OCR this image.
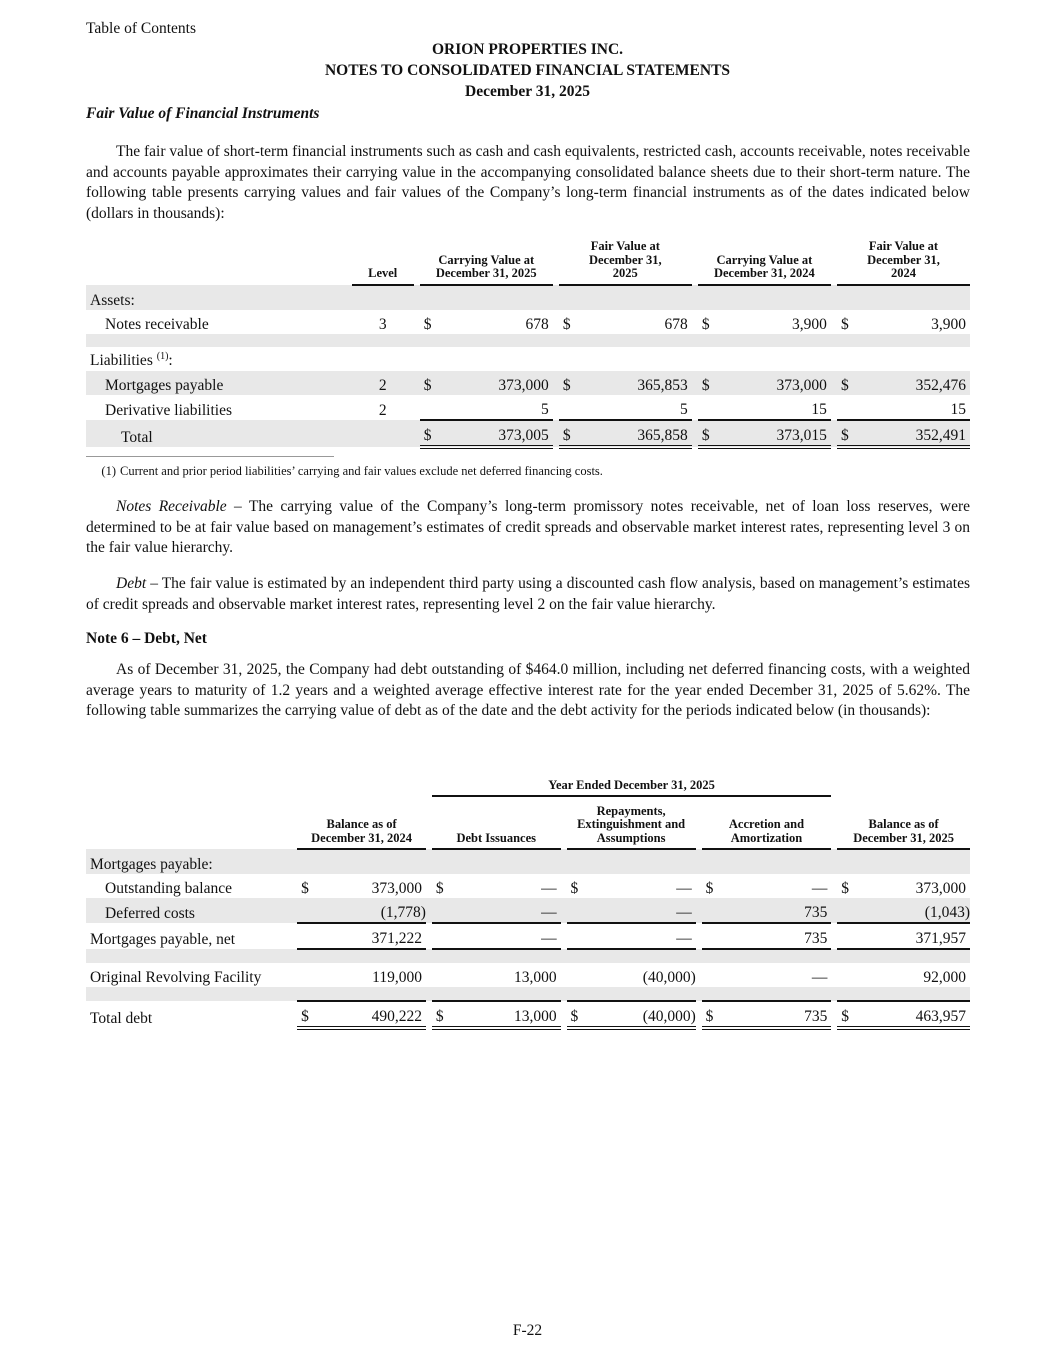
Table of Contents
ORION PROPERTIES INC.
NOTES TO CONSOLIDATED FINANCIAL STATEMENTS
December 31, 2025
Fair Value of Financial Instruments
The fair value of short-term financial instruments such as cash and cash equivalents, restricted cash, accounts receivable, notes receivable and accounts payable approximates their carrying value in the accompanying consolidated balance sheets due to their short-term nature. The following table presents carrying values and fair values of the Company’s long-term financial instruments as of the dates indicated below (dollars in thousands):
	Level		Carrying Value at December 31, 2025			Fair Value at December 31, 2025			Carrying Value at December 31, 2024			Fair Value at December 31, 2024	
Assets:													
Notes receivable	3		$	678		$	678		$	3,900		$	3,900

Liabilities $^{(1)}$:													
Mortgages payable	2		$	373,000		$	365,853		$	373,000		$	352,476
Derivative liabilities	2			5			5			15			15
Total			$	373,005		$	365,858		$	373,015		$	352,491
(1) Current and prior period liabilities’ carrying and fair values exclude net deferred financing costs.
Notes Receivable – The carrying value of the Company’s long-term promissory notes receivable, net of loan loss reserves, were determined to be at fair value based on management’s estimates of credit spreads and observable market interest rates, representing level 3 on the fair value hierarchy.
Debt – The fair value is estimated by an independent third party using a discounted cash flow analysis, based on management’s estimates of credit spreads and observable market interest rates, representing level 2 on the fair value hierarchy.
Note 6 – Debt, Net
As of December 31, 2025, the Company had debt outstanding of $464.0 million, including net deferred financing costs, with a weighted average years to maturity of 1.2 years and a weighted average effective interest rate for the year ended December 31, 2025 of 5.62%. The following table summarizes the carrying value of debt as of the date and the debt activity for the periods indicated below (in thousands):
				Year Ended December 31, 2025										
	Balance as of December 31, 2024			Debt Issuances			Repayments, Extinguishment and Assumptions			Accretion and Amortization			Balance as of December 31, 2025	
Mortgages payable:														
Outstanding balance	$	373,000		$	—		$	—		$	—		$	373,000
Deferred costs		(1,778)			—			—			735			(1,043)
Mortgages payable, net		371,222			—			—			735			371,957

Original Revolving Facility		119,000			13,000			(40,000)			—			92,000

Total debt	$	490,222		$	13,000		$	(40,000)		$	735		$	463,957
F-22
